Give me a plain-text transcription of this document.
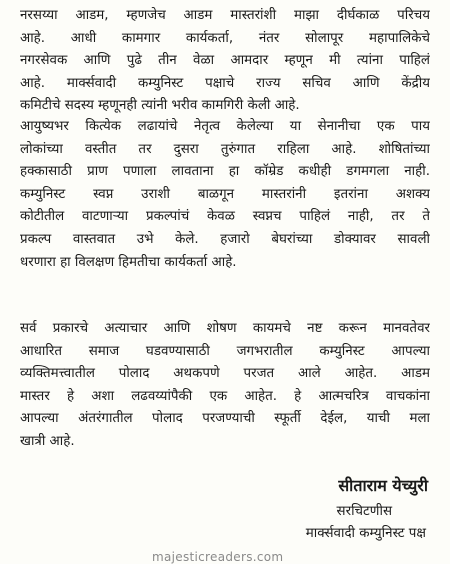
नरसय्या आडम, म्हणजेच आडम मास्तरांशी माझा दीर्घकाळ परिचय
आहे. आधी कामगार कार्यकर्ता, नंतर सोलापूर महापालिकेचे
नगरसेवक आणि पुढे तीन वेळा आमदार म्हणून मी त्यांना पाहिलं
आहे. मार्क्सवादी कम्युनिस्ट पक्षाचे राज्य सचिव आणि केंद्रीय
कमिटीचे सदस्य म्हणूनही त्यांनी भरीव कामगिरी केली आहे.
आयुष्यभर कित्येक लढायांचे नेतृत्व केलेल्या या सेनानीचा एक पाय
लोकांच्या वस्तीत तर दुसरा तुरुंगात राहिला आहे. शोषितांच्या
हक्कासाठी प्राण पणाला लावताना हा कॉम्रेड कधीही डगमगला नाही.
कम्युनिस्ट स्वप्न उराशी बाळगून मास्तरांनी इतरांना अशक्य
कोटीतील वाटणाऱ्या प्रकल्पांचं केवळ स्वप्नच पाहिलं नाही, तर ते
प्रकल्प वास्तवात उभे केले. हजारो बेघरांच्या डोक्यावर सावली
धरणारा हा विलक्षण हिमतीचा कार्यकर्ता आहे.
सर्व प्रकारचे अत्याचार आणि शोषण कायमचे नष्ट करून मानवतेवर
आधारित समाज घडवण्यासाठी जगभरातील कम्युनिस्ट आपल्या
व्यक्तिमत्त्वातील पोलाद अथकपणे परजत आले आहेत. आडम
मास्तर हे अशा लढवय्यांपैकी एक आहेत. हे आत्मचरित्र वाचकांना
आपल्या अंतरंगातील पोलाद परजण्याची स्फूर्ती देईल, याची मला
खात्री आहे.

सीताराम येच्युरी

सरचिटणीस

मार्क्सवादी कम्युनिस्ट पक्ष

majesticreaders.com
